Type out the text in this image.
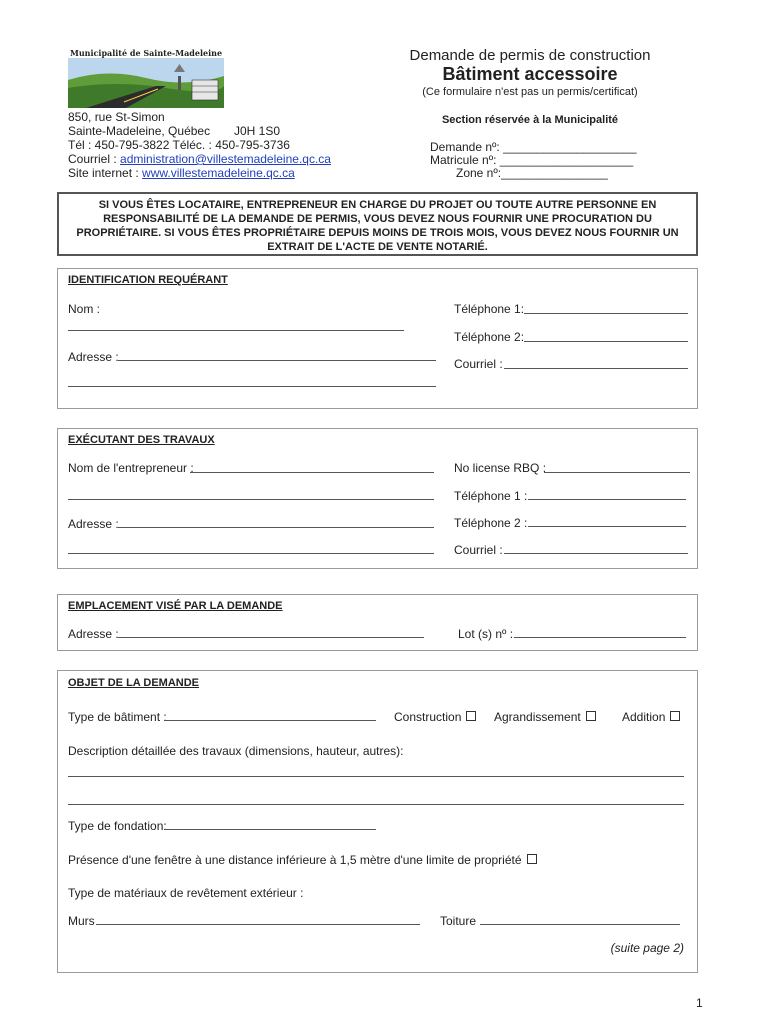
Municipalité de Sainte-Madeleine	Demande de permis de construction
Bâtiment accessoire
(Ce formulaire n'est pas un permis/certificat)
850, rue St-Simon
Sainte-Madeleine, Québec J0H 1S0
Tél : 450-795-3822 Téléc. : 450-795-3736
Courriel : administration@villestemadeleine.qc.ca
Site internet : www.villestemadeleine.qc.ca
Section réservée à la Municipalité
Demande nº: ____________________
Matricule nº: ____________________
Zone nº:________________
SI VOUS ÊTES LOCATAIRE, ENTREPRENEUR EN CHARGE DU PROJET OU TOUTE AUTRE PERSONNE EN RESPONSABILITÉ DE LA DEMANDE DE PERMIS, VOUS DEVEZ NOUS FOURNIR UNE PROCURATION DU PROPRIÉTAIRE. SI VOUS ÊTES PROPRIÉTAIRE DEPUIS MOINS DE TROIS MOIS, VOUS DEVEZ NOUS FOURNIR UN EXTRAIT DE L'ACTE DE VENTE NOTARIÉ.
IDENTIFICATION REQUÉRANT
Nom :
Adresse :
Téléphone 1:
Téléphone 2:
Courriel :
EXÉCUTANT DES TRAVAUX
Nom de l'entrepreneur :
Adresse :
No license RBQ :
Téléphone 1 :
Téléphone 2 :
Courriel :
EMPLACEMENT VISÉ PAR LA DEMANDE
Adresse :	Lot (s) nº :
OBJET DE LA DEMANDE
Type de bâtiment :	Construction	Agrandissement	Addition
Description détaillée des travaux (dimensions, hauteur, autres):
Type de fondation:
Présence d'une fenêtre à une distance inférieure à 1,5 mètre d'une limite de propriété
Type de matériaux de revêtement extérieur :
Murs	Toiture
(suite page 2)
1
